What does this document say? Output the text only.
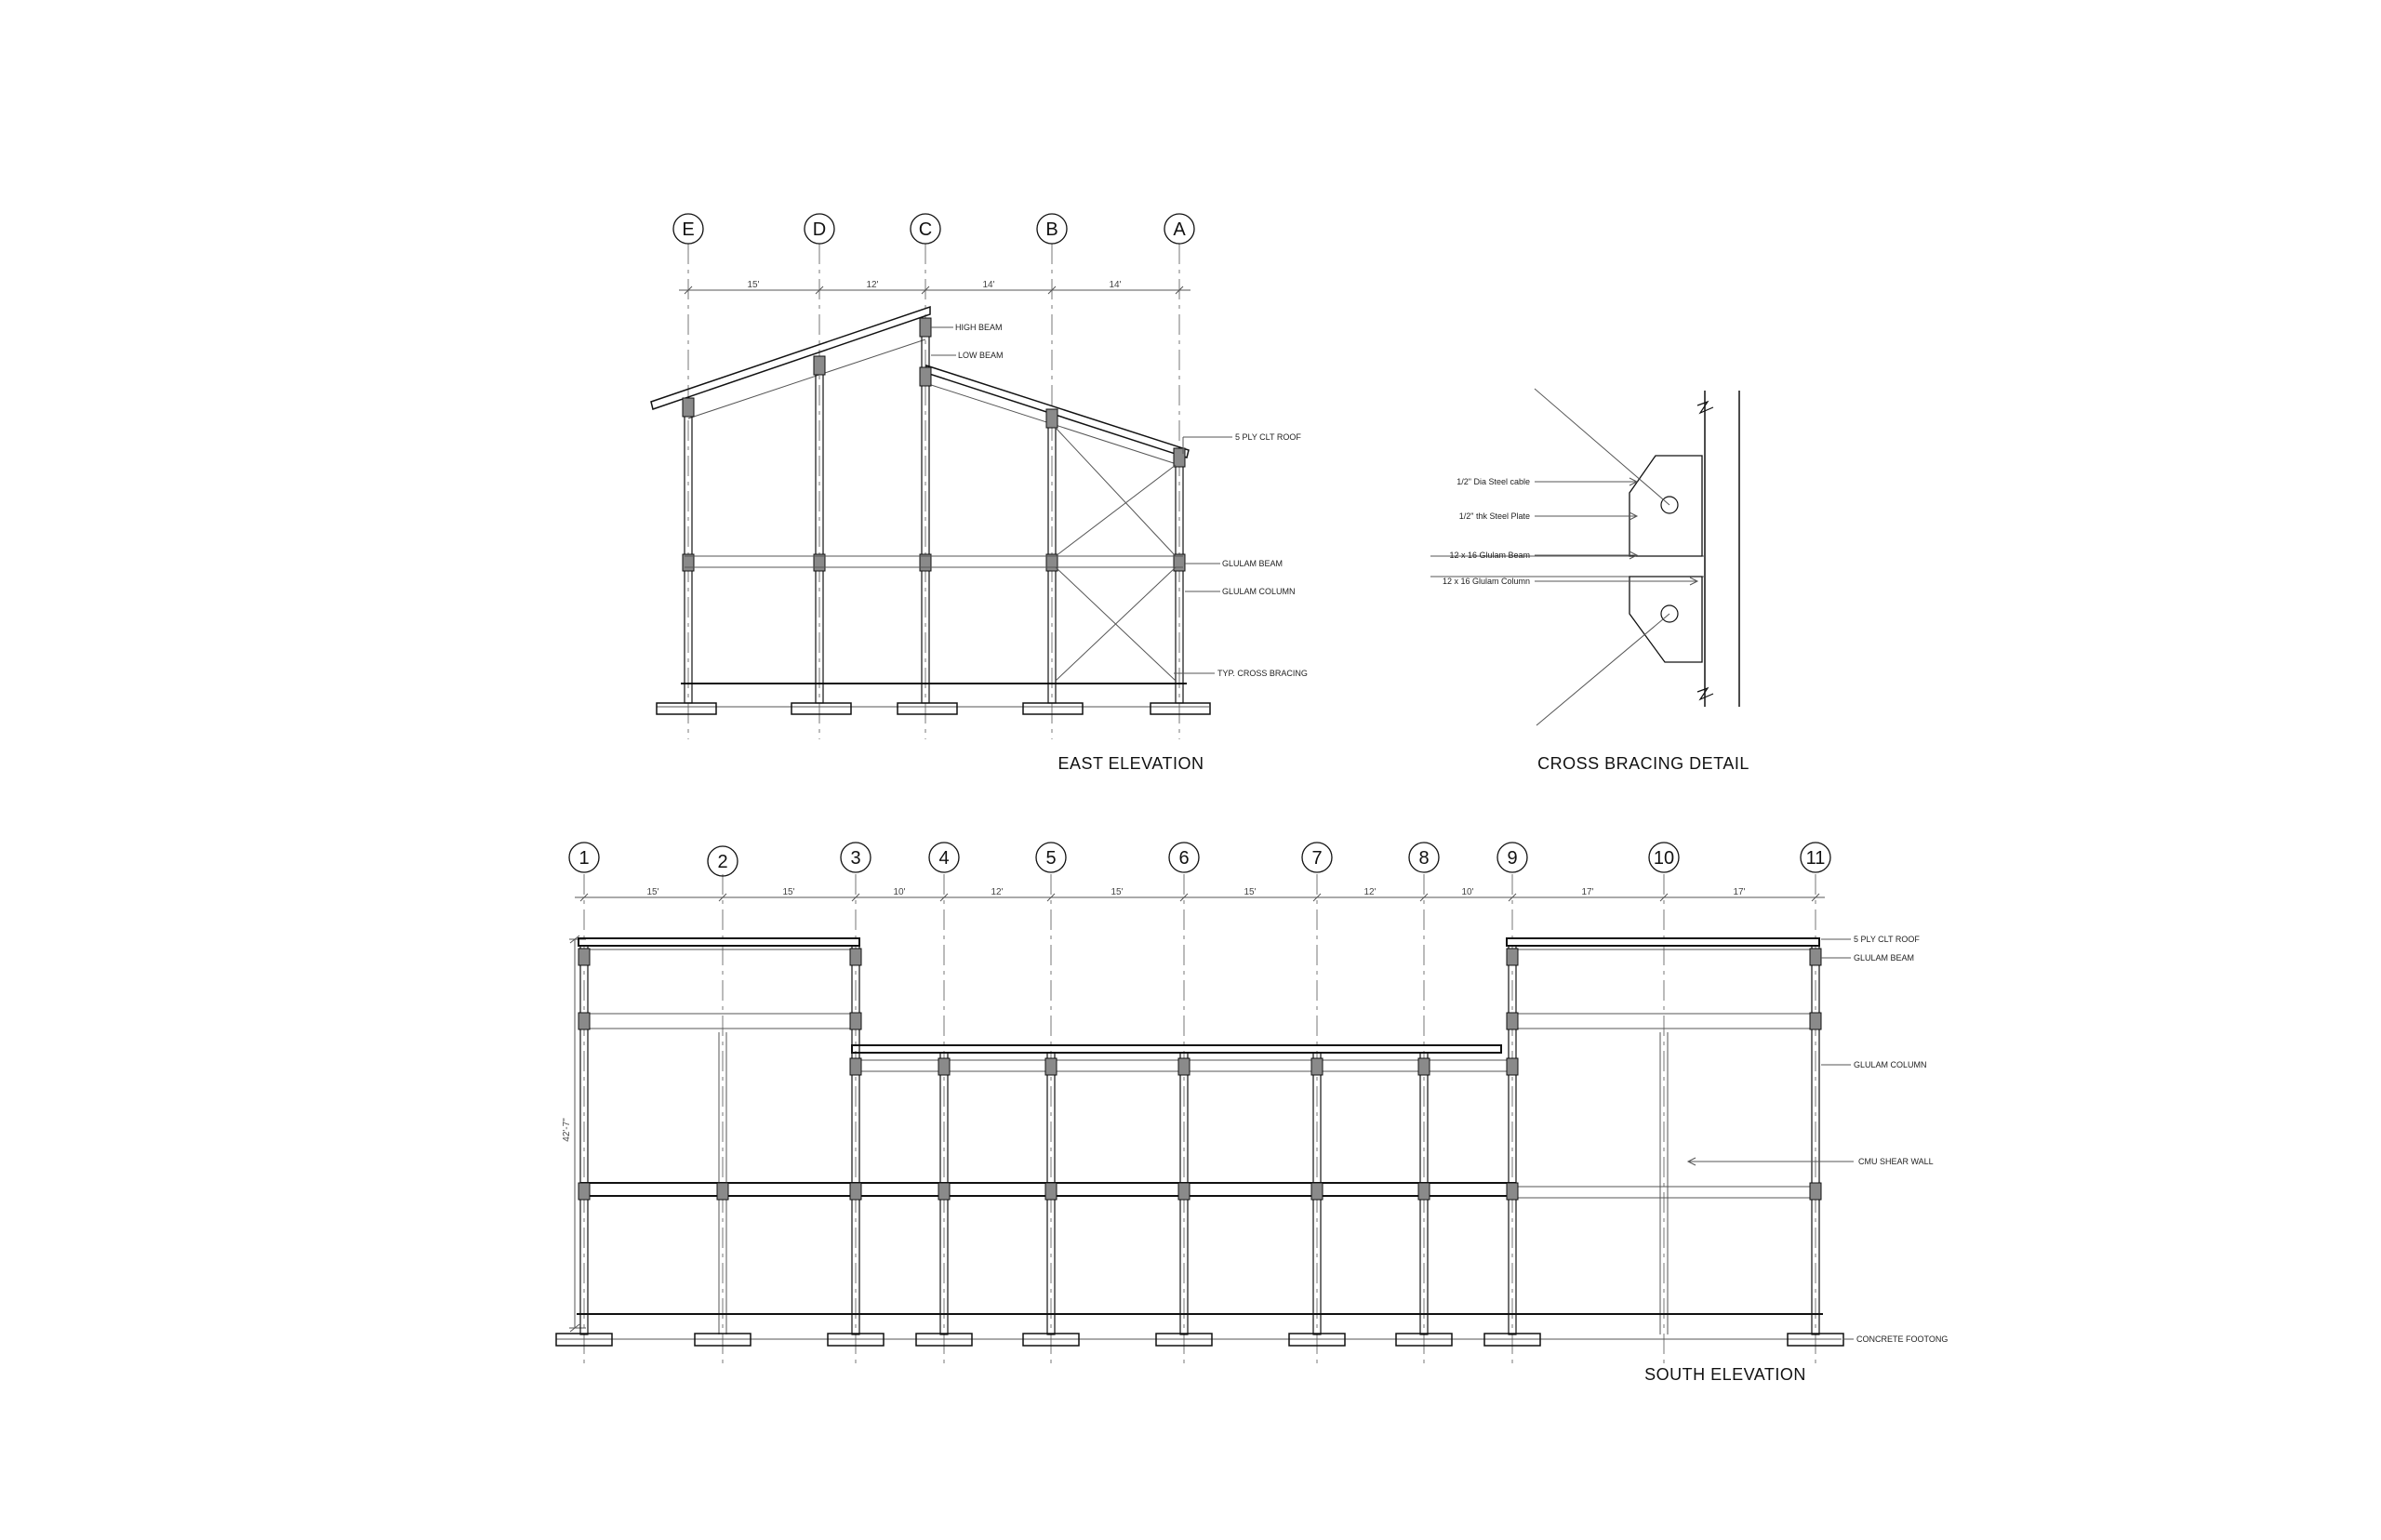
E	D	C	B	A
15'	12'	14'	14'
HIGH BEAM
LOW BEAM
5 PLY CLT ROOF
GLULAM BEAM
GLULAM COLUMN
TYP. CROSS BRACING
EAST ELEVATION
1/2" Dia Steel cable
1/2" thk Steel Plate
12 x 16 Glulam Beam
12 x 16 Glulam Column
CROSS BRACING DETAIL
1	2	3	4	5	6	7	8	9	10	11
15'	15'	10'	12'	15'	15'	12'	10'	17'	17'
42'-7"
5 PLY CLT ROOF
GLULAM BEAM
GLULAM COLUMN
CMU SHEAR WALL
CONCRETE FOOTONG
SOUTH ELEVATION
